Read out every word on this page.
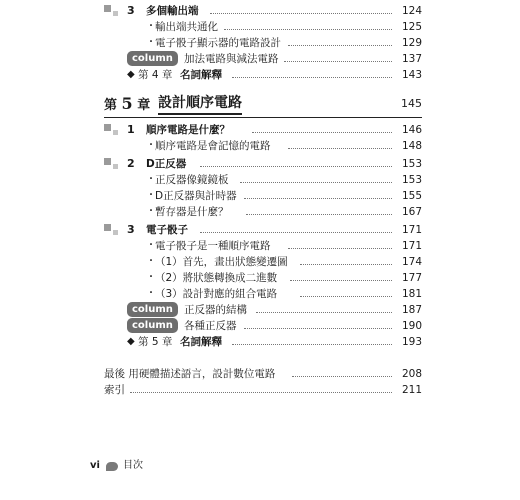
3 多個輸出端	124
・ 輸出端共通化	125
・ 電子骰子顯示器的電路設計	129
column	加法電路與減法電路	137
◆ 第 4 章 名詞解釋	143
第 5 章 設計順序電路	145
1 順序電路是什麼？	146
・ 順序電路是會記憶的電路	148
2 D正反器	153
・ 正反器像鏡鏡板	153
・ D正反器與計時器	155
・ 暫存器是什麼？	167
3 電子骰子	171
・ 電子骰子是一種順序電路	171
・ （1）首先，畫出狀態變遷圖	174
・ （2）將狀態轉換成二進數	177
・ （3）設計對應的組合電路	181
column	正反器的結構	187
column	各種正反器	190
◆ 第 5 章 名詞解釋	193
最後 用硬體描述語言，設計數位電路	208
索引	211
vi 目次
